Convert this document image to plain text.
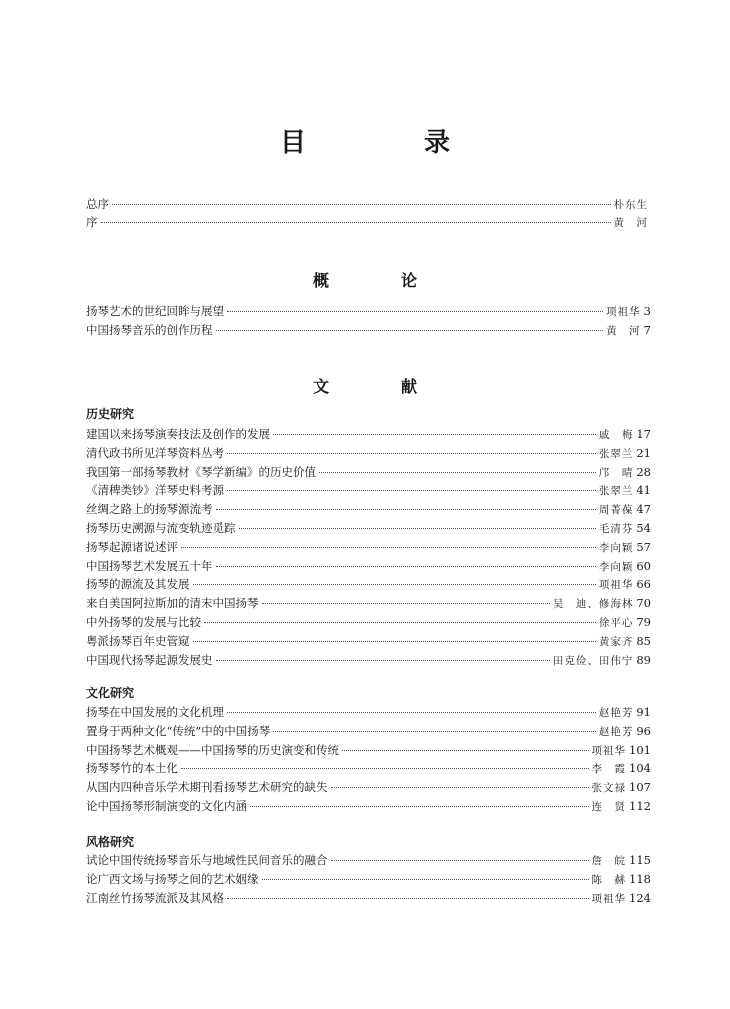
目　录
总序	朴东生
序	黄　河
概　论
扬琴艺术的世纪回眸与展望	项祖华 3
中国扬琴音乐的创作历程	黄　河 7
文　献
历史研究
建国以来扬琴演奏技法及创作的发展	戚　梅 17
清代政书所见洋琴资料丛考	张翠兰 21
我国第一部扬琴教材《琴学新编》的历史价值	邝　晴 28
《清稗类钞》洋琴史料考源	张翠兰 41
丝绸之路上的扬琴源流考	周菁葆 47
扬琴历史溯源与流变轨迹觅踪	毛清芬 54
扬琴起源诸说述评	李向颖 57
中国扬琴艺术发展五十年	李向颖 60
扬琴的源流及其发展	项祖华 66
来自美国阿拉斯加的清末中国扬琴	吴　迪、修海林 70
中外扬琴的发展与比较	徐平心 79
粤派扬琴百年史管窥	黄家齐 85
中国现代扬琴起源发展史	田克俭、田伟宁 89
文化研究
扬琴在中国发展的文化机理	赵艳芳 91
置身于两种文化“传统”中的中国扬琴	赵艳芳 96
中国扬琴艺术概观——中国扬琴的历史演变和传统	项祖华 101
扬琴琴竹的本土化	李　霞 104
从国内四种音乐学术期刊看扬琴艺术研究的缺失	张文禄 107
论中国扬琴形制演变的文化内涵	连　贤 112
风格研究
试论中国传统扬琴音乐与地域性民间音乐的融合	詹　皖 115
论广西文场与扬琴之间的艺术姻缘	陈　赫 118
江南丝竹扬琴流派及其风格	项祖华 124
